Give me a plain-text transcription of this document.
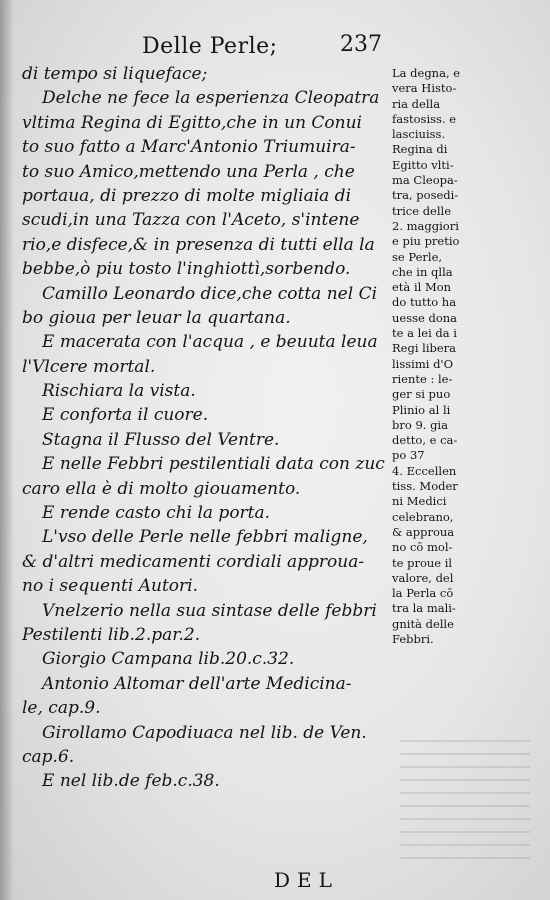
Delle Perle;	237
di tempo si liqueface;
Delche ne fece la esperienza Cleopatra
vltima Regina di Egitto,che in un Conui
to suo fatto a Marc'Antonio Triumuira-
to suo Amico,mettendo una Perla , che
portaua, di prezzo di molte migliaia di
scudi,in una Tazza con l'Aceto, s'intene
rio,e disfece,& in presenza di tutti ella la
bebbe,ò piu tosto l'inghiottì,sorbendo.
Camillo Leonardo dice,che cotta nel Ci
bo gioua per leuar la quartana.
E macerata con l'acqua , e beuuta leua
l'Vlcere mortal.
Rischiara la vista.
E conforta il cuore.
Stagna il Flusso del Ventre.
E nelle Febbri pestilentiali data con zuc
caro ella è di molto giouamento.
E rende casto chi la porta.
L'vso delle Perle nelle febbri maligne,
& d'altri medicamenti cordiali approua-
no i sequenti Autori.
Vnelzerio nella sua sintase delle febbri
Pestilenti lib.2.par.2.
Giorgio Campana lib.20.c.32.
Antonio Altomar dell'arte Medicina-
le, cap.9.
Girollamo Capodiuaca nel lib. de Ven.
cap.6.
E nel lib.de feb.c.38.
La degna, e
vera Histo-
ria della
fastosiss. e
lasciuiss.
Regina di
Egitto vlti-
ma Cleopa-
tra, posedi-
trice delle
2. maggiori
e piu pretio
se Perle,
che in qlla
età il Mon
do tutto ha
uesse dona
te a lei da i
Regi libera
lissimi d'O
riente : le-
ger si puo
Plinio al li
bro 9. gia
detto, e ca-
po 37
4. Eccellen
tiss. Moder
ni Medici
celebrano,
& approua
no cō mol-
te proue il
valore, del
la Perla cō
tra la mali-
gnità delle
Febbri.
DEL
